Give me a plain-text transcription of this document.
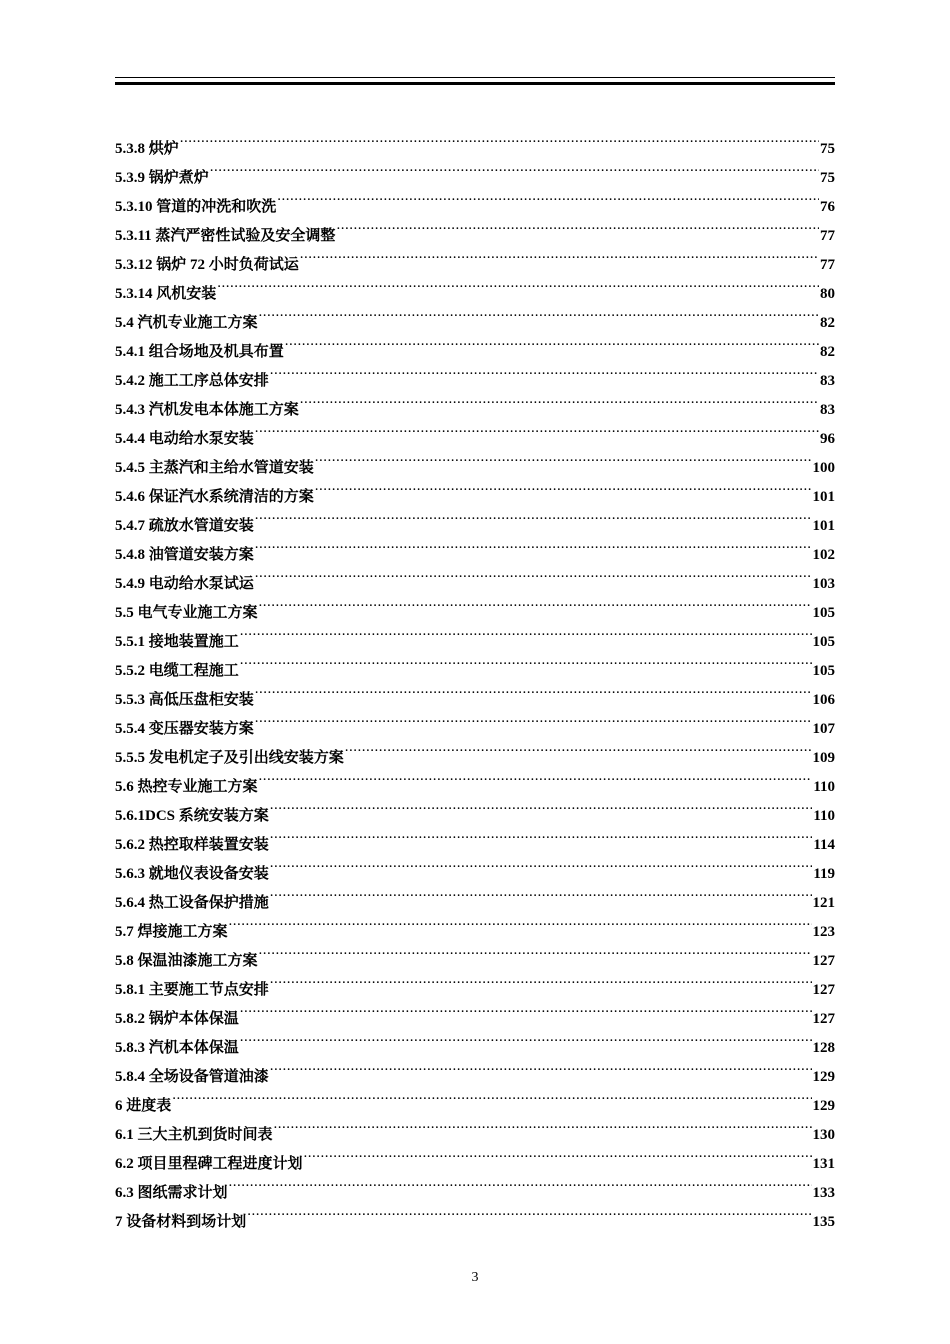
5.3.8 烘炉 .....	75
5.3.9 锅炉煮炉 .....	75
5.3.10 管道的冲洗和吹洗 .....	76
5.3.11 蒸汽严密性试验及安全调整 .....	77
5.3.12 锅炉 72 小时负荷试运 .....	77
5.3.14 风机安装 .....	80
5.4 汽机专业施工方案 .....	82
5.4.1 组合场地及机具布置 .....	82
5.4.2 施工工序总体安排 .....	83
5.4.3 汽机发电本体施工方案 .....	83
5.4.4 电动给水泵安装 .....	96
5.4.5 主蒸汽和主给水管道安装 .....	100
5.4.6 保证汽水系统清洁的方案 .....	101
5.4.7 疏放水管道安装 .....	101
5.4.8 油管道安装方案 .....	102
5.4.9 电动给水泵试运 .....	103
5.5 电气专业施工方案 .....	105
5.5.1 接地装置施工 .....	105
5.5.2 电缆工程施工 .....	105
5.5.3 高低压盘柜安装 .....	106
5.5.4 变压器安装方案 .....	107
5.5.5 发电机定子及引出线安装方案 .....	109
5.6 热控专业施工方案 .....	110
5.6.1DCS 系统安装方案 .....	110
5.6.2 热控取样装置安装 .....	114
5.6.3 就地仪表设备安装 .....	119
5.6.4 热工设备保护措施 .....	121
5.7 焊接施工方案 .....	123
5.8 保温油漆施工方案 .....	127
5.8.1 主要施工节点安排 .....	127
5.8.2 锅炉本体保温 .....	127
5.8.3 汽机本体保温 .....	128
5.8.4 全场设备管道油漆 .....	129
6 进度表 .....	129
6.1 三大主机到货时间表 .....	130
6.2 项目里程碑工程进度计划 .....	131
6.3 图纸需求计划 .....	133
7 设备材料到场计划 .....	135
3
